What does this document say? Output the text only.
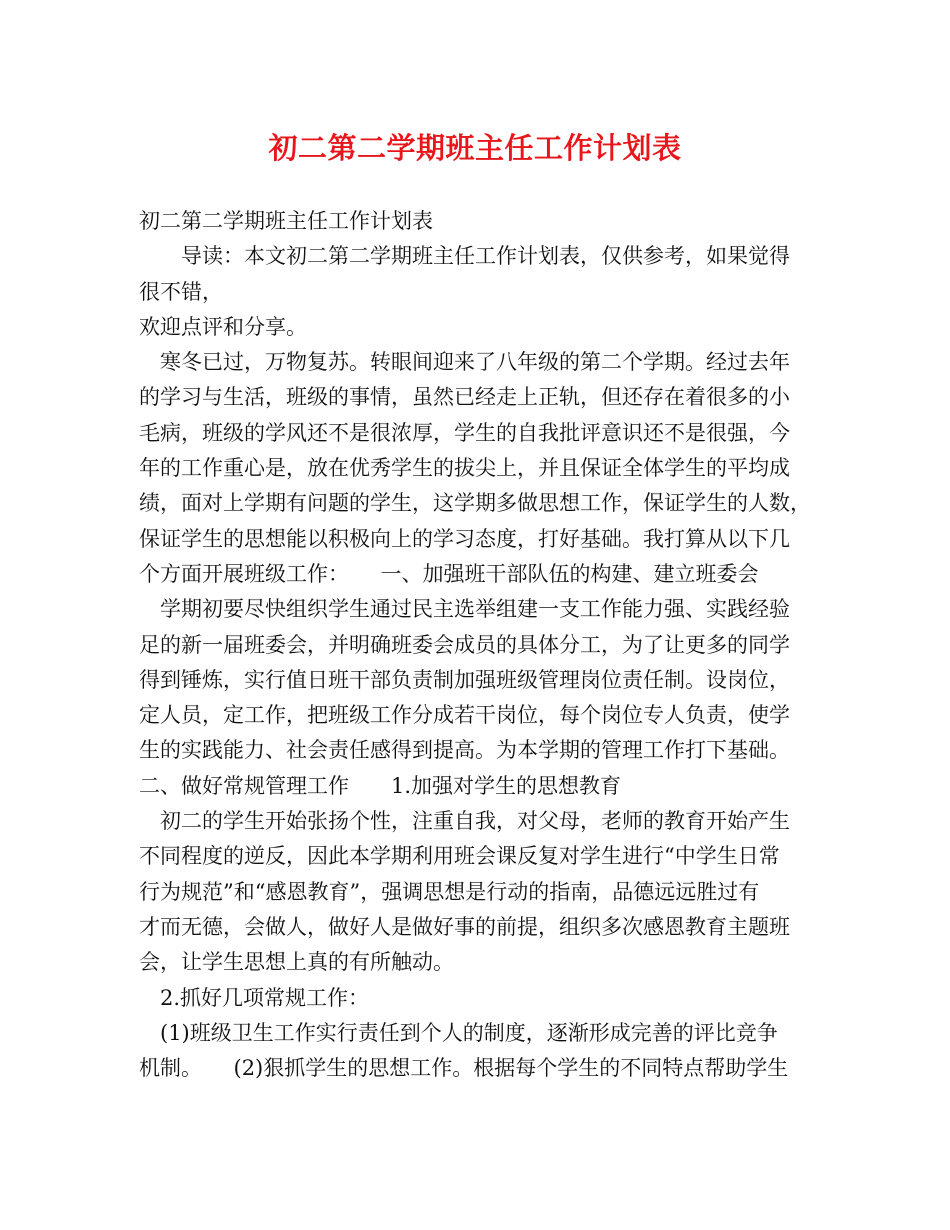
初二第二学期班主任工作计划表
初二第二学期班主任工作计划表
　　导读：本文初二第二学期班主任工作计划表，仅供参考，如果觉得
很不错，
欢迎点评和分享。
　寒冬已过，万物复苏。转眼间迎来了八年级的第二个学期。经过去年
的学习与生活，班级的事情，虽然已经走上正轨，但还存在着很多的小
毛病，班级的学风还不是很浓厚，学生的自我批评意识还不是很强，今
年的工作重心是，放在优秀学生的拔尖上，并且保证全体学生的平均成
绩，面对上学期有问题的学生，这学期多做思想工作，保证学生的人数，
保证学生的思想能以积极向上的学习态度，打好基础。我打算从以下几
个方面开展班级工作：　　一、加强班干部队伍的构建、建立班委会
　学期初要尽快组织学生通过民主选举组建一支工作能力强、实践经验
足的新一届班委会，并明确班委会成员的具体分工，为了让更多的同学
得到锤炼，实行值日班干部负责制加强班级管理岗位责任制。设岗位，
定人员，定工作，把班级工作分成若干岗位，每个岗位专人负责，使学
生的实践能力、社会责任感得到提高。为本学期的管理工作打下基础。
二、做好常规管理工作　　1.加强对学生的思想教育
　初二的学生开始张扬个性，注重自我，对父母，老师的教育开始产生
不同程度的逆反，因此本学期利用班会课反复对学生进行“中学生日常
行为规范”和“感恩教育”，强调思想是行动的指南，品德远远胜过有
才而无德，会做人，做好人是做好事的前提，组织多次感恩教育主题班
会，让学生思想上真的有所触动。
　2.抓好几项常规工作：
　(1)班级卫生工作实行责任到个人的制度，逐渐形成完善的评比竞争
机制。　　(2)狠抓学生的思想工作。根据每个学生的不同特点帮助学生
